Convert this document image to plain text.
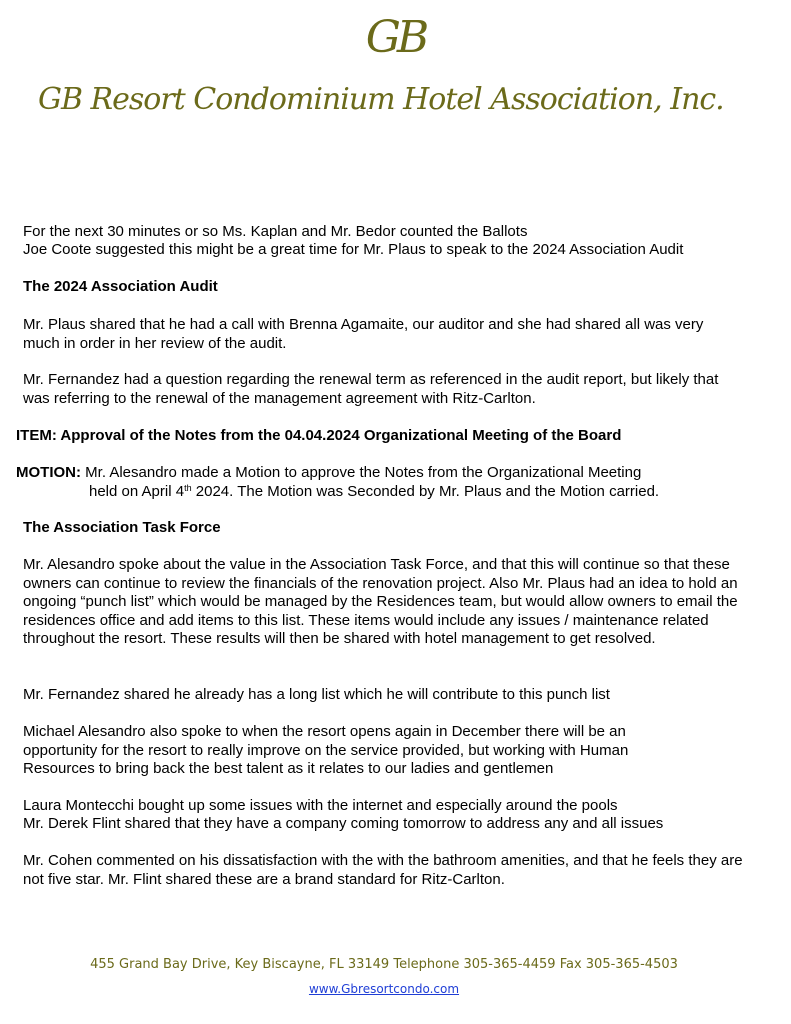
GB
GB Resort Condominium Hotel Association, Inc.

For the next 30 minutes or so Ms. Kaplan and Mr. Bedor counted the Ballots

Joe Coote suggested this might be a great time for Mr. Plaus to speak to the 2024 Association Audit

The 2024 Association Audit

Mr. Plaus shared that he had a call with Brenna Agamaite, our auditor and she had shared all was very much in order in her review of the audit.

Mr. Fernandez had a question regarding the renewal term as referenced in the audit report, but likely that was referring to the renewal of the management agreement with Ritz-Carlton.

ITEM: Approval of the Notes from the 04.04.2024 Organizational Meeting of the Board

MOTION: Mr. Alesandro made a Motion to approve the Notes from the Organizational Meeting
held on April 4th 2024. The Motion was Seconded by Mr. Plaus and the Motion carried.

The Association Task Force

Mr. Alesandro spoke about the value in the Association Task Force, and that this will continue so that these owners can continue to review the financials of the renovation project. Also Mr. Plaus had an idea to hold an ongoing “punch list” which would be managed by the Residences team, but would allow owners to email the residences office and add items to this list. These items would include any issues / maintenance related throughout the resort. These results will then be shared with hotel management to get resolved.

Mr. Fernandez shared he already has a long list which he will contribute to this punch list

Michael Alesandro also spoke to when the resort opens again in December there will be an opportunity for the resort to really improve on the service provided, but working with Human Resources to bring back the best talent as it relates to our ladies and gentlemen

Laura Montecchi bought up some issues with the internet and especially around the pools

Mr. Derek Flint shared that they have a company coming tomorrow to address any and all issues

Mr. Cohen commented on his dissatisfaction with the with the bathroom amenities, and that he feels they are not five star. Mr. Flint shared these are a brand standard for Ritz-Carlton.

455 Grand Bay Drive, Key Biscayne, FL 33149 Telephone 305-365-4459 Fax 305-365-4503
www.Gbresortcondo.com
